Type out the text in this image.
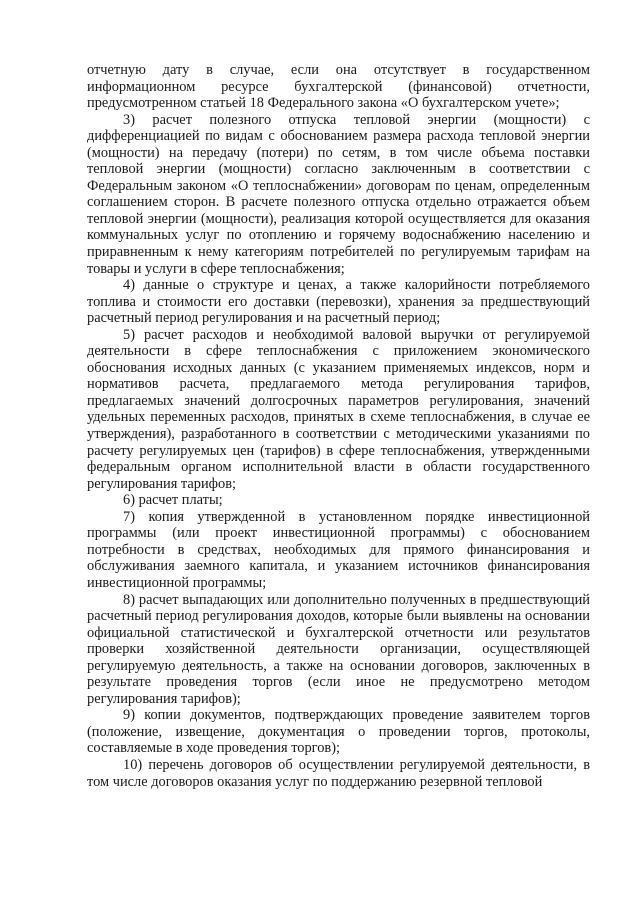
отчетную дату в случае, если она отсутствует в государственном информационном ресурсе бухгалтерской (финансовой) отчетности, предусмотренном статьей 18 Федерального закона «О бухгалтерском учете»;

3) расчет полезного отпуска тепловой энергии (мощности) с дифференциацией по видам с обоснованием размера расхода тепловой энергии (мощности) на передачу (потери) по сетям, в том числе объема поставки тепловой энергии (мощности) согласно заключенным в соответствии с Федеральным законом «О теплоснабжении» договорам по ценам, определенным соглашением сторон. В расчете полезного отпуска отдельно отражается объем тепловой энергии (мощности), реализация которой осуществляется для оказания коммунальных услуг по отоплению и горячему водоснабжению населению и приравненным к нему категориям потребителей по регулируемым тарифам на товары и услуги в сфере теплоснабжения;

4) данные о структуре и ценах, а также калорийности потребляемого топлива и стоимости его доставки (перевозки), хранения за предшествующий расчетный период регулирования и на расчетный период;

5) расчет расходов и необходимой валовой выручки от регулируемой деятельности в сфере теплоснабжения с приложением экономического обоснования исходных данных (с указанием применяемых индексов, норм и нормативов расчета, предлагаемого метода регулирования тарифов, предлагаемых значений долгосрочных параметров регулирования, значений удельных переменных расходов, принятых в схеме теплоснабжения, в случае ее утверждения), разработанного в соответствии с методическими указаниями по расчету регулируемых цен (тарифов) в сфере теплоснабжения, утвержденными федеральным органом исполнительной власти в области государственного регулирования тарифов;

6) расчет платы;

7) копия утвержденной в установленном порядке инвестиционной программы (или проект инвестиционной программы) с обоснованием потребности в средствах, необходимых для прямого финансирования и обслуживания заемного капитала, и указанием источников финансирования инвестиционной программы;

8) расчет выпадающих или дополнительно полученных в предшествующий расчетный период регулирования доходов, которые были выявлены на основании официальной статистической и бухгалтерской отчетности или результатов проверки хозяйственной деятельности организации, осуществляющей регулируемую деятельность, а также на основании договоров, заключенных в результате проведения торгов (если иное не предусмотрено методом регулирования тарифов);

9) копии документов, подтверждающих проведение заявителем торгов (положение, извещение, документация о проведении торгов, протоколы, составляемые в ходе проведения торгов);

10) перечень договоров об осуществлении регулируемой деятельности, в том числе договоров оказания услуг по поддержанию резервной тепловой
